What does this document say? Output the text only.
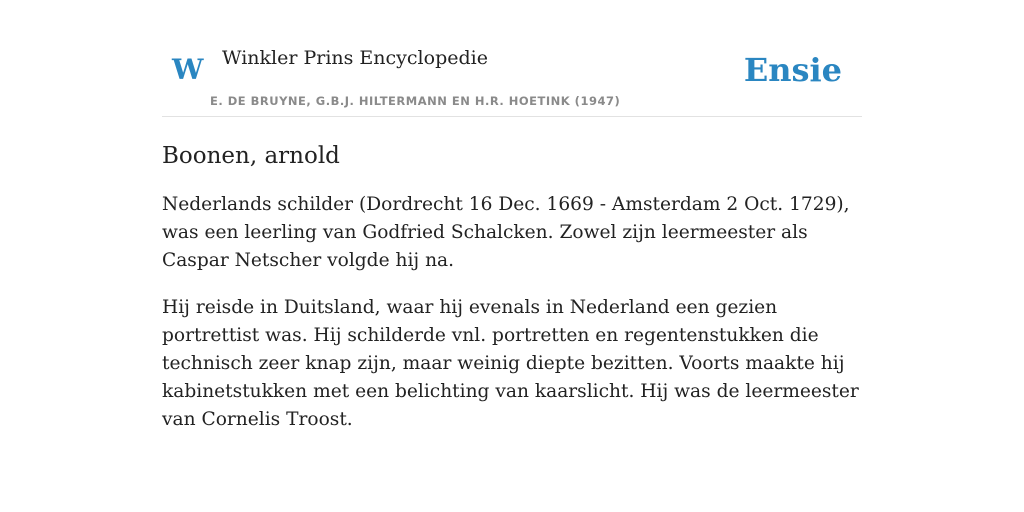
W Winkler Prins Encyclopedie
E. DE BRUYNE, G.B.J. HILTERMANN EN H.R. HOETINK (1947)
Ensie
Boonen, arnold

Nederlands schilder (Dordrecht 16 Dec. 1669 - Amsterdam 2 Oct. 1729), was een leerling van Godfried Schalcken. Zowel zijn leermeester als Caspar Netscher volgde hij na.

Hij reisde in Duitsland, waar hij evenals in Nederland een gezien portrettist was. Hij schilderde vnl. portretten en regentenstukken die technisch zeer knap zijn, maar weinig diepte bezitten. Voorts maakte hij kabinetstukken met een belichting van kaarslicht. Hij was de leermeester van Cornelis Troost.
